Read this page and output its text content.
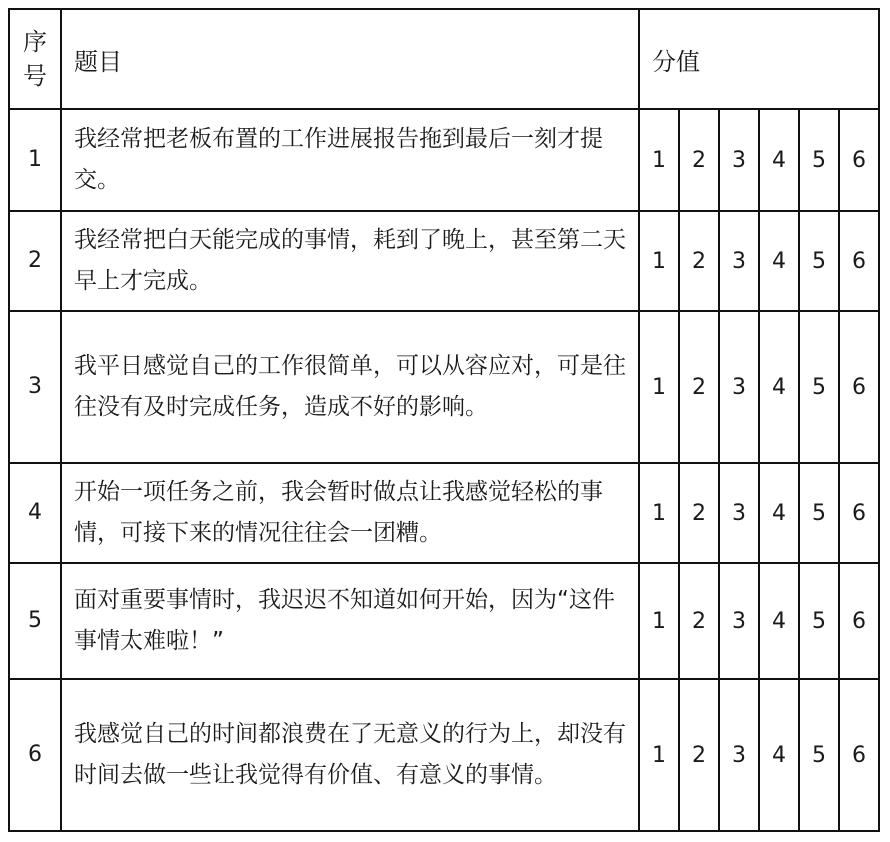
序号	题目	分值					
1	我经常把老板布置的工作进展报告拖到最后一刻才提交。	1	2	3	4	5	6
2	我经常把白天能完成的事情，耗到了晚上，甚至第二天早上才完成。	1	2	3	4	5	6
3	我平日感觉自己的工作很简单，可以从容应对，可是往往没有及时完成任务，造成不好的影响。	1	2	3	4	5	6
4	开始一项任务之前，我会暂时做点让我感觉轻松的事情，可接下来的情况往往会一团糟。	1	2	3	4	5	6
5	面对重要事情时，我迟迟不知道如何开始，因为“这件事情太难啦！”	1	2	3	4	5	6
6	我感觉自己的时间都浪费在了无意义的行为上，却没有时间去做一些让我觉得有价值、有意义的事情。	1	2	3	4	5	6
